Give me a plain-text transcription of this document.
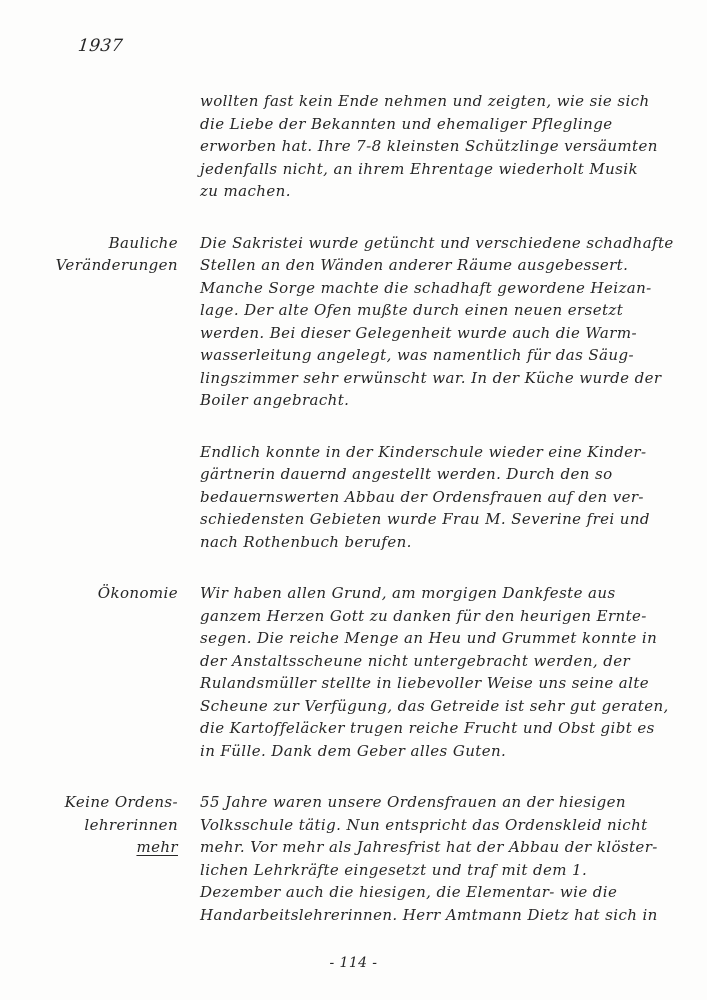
1937
wollten fast kein Ende nehmen und zeigten, wie sie sich
die Liebe der Bekannten und ehemaliger Pfleglinge
erworben hat. Ihre 7-8 kleinsten Schützlinge versäumten
jedenfalls nicht, an ihrem Ehrentage wiederholt Musik
zu machen.
Bauliche
Veränderungen
Die Sakristei wurde getüncht und verschiedene schadhafte
Stellen an den Wänden anderer Räume ausgebessert.
Manche Sorge machte die schadhaft gewordene Heizan-
lage. Der alte Ofen mußte durch einen neuen ersetzt
werden. Bei dieser Gelegenheit wurde auch die Warm-
wasserleitung angelegt, was namentlich für das Säug-
lingszimmer sehr erwünscht war. In der Küche wurde der
Boiler angebracht.
Endlich konnte in der Kinderschule wieder eine Kinder-
gärtnerin dauernd angestellt werden. Durch den so
bedauernswerten Abbau der Ordensfrauen auf den ver-
schiedensten Gebieten wurde Frau M. Severine frei und
nach Rothenbuch berufen.
Ökonomie Wir haben allen Grund, am morgigen Dankfeste aus
ganzem Herzen Gott zu danken für den heurigen Ernte-
segen. Die reiche Menge an Heu und Grummet konnte in
der Anstaltsscheune nicht untergebracht werden, der
Rulandsmüller stellte in liebevoller Weise uns seine alte
Scheune zur Verfügung, das Getreide ist sehr gut geraten,
die Kartoffeläcker trugen reiche Frucht und Obst gibt es
in Fülle. Dank dem Geber alles Guten.
Keine Ordens-
lehrerinnen
mehr
55 Jahre waren unsere Ordensfrauen an der hiesigen
Volksschule tätig. Nun entspricht das Ordenskleid nicht
mehr. Vor mehr als Jahresfrist hat der Abbau der klöster-
lichen Lehrkräfte eingesetzt und traf mit dem 1.
Dezember auch die hiesigen, die Elementar- wie die
Handarbeitslehrerinnen. Herr Amtmann Dietz hat sich in
- 114 -
